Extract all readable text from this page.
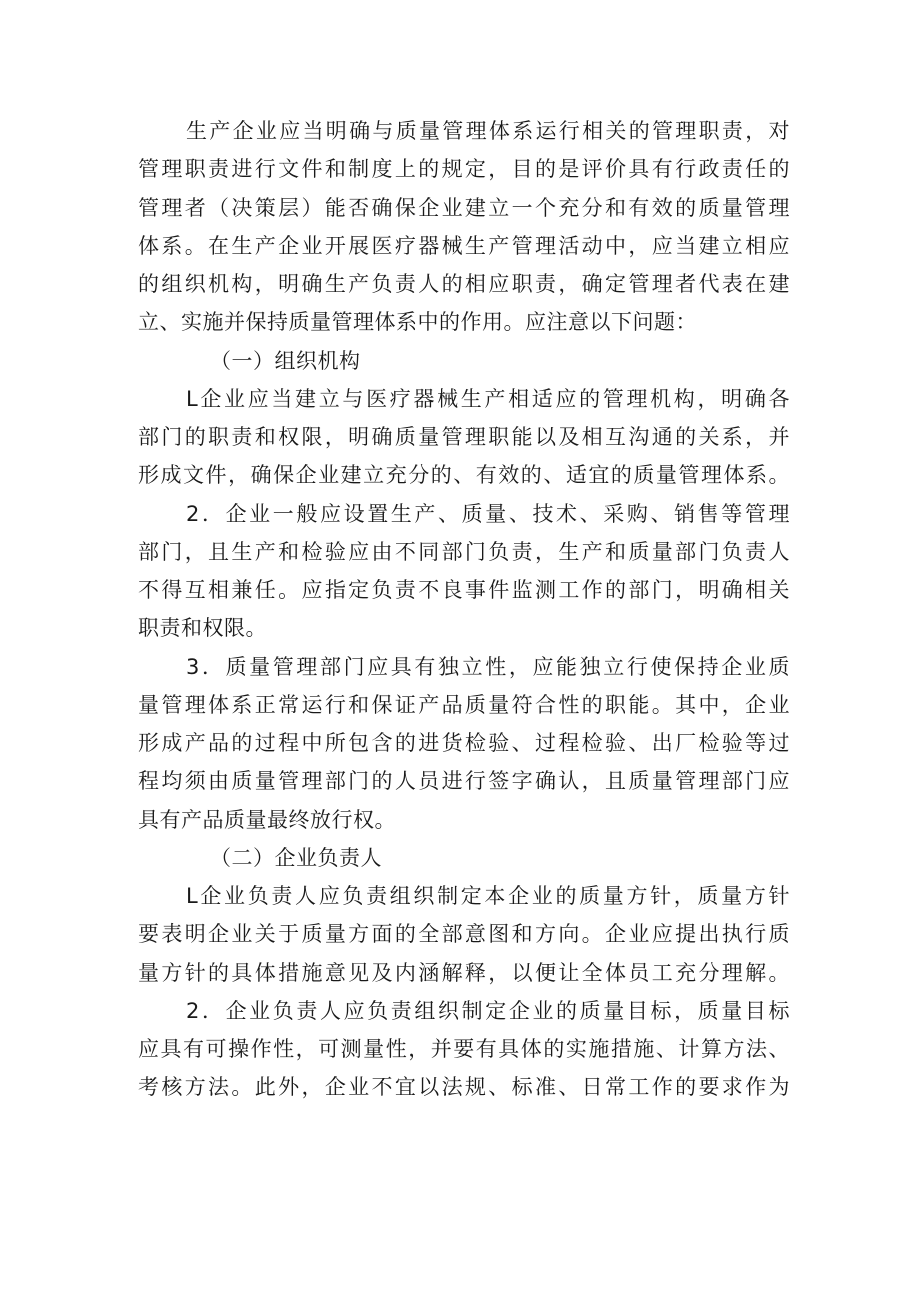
生产企业应当明确与质量管理体系运行相关的管理职责，对
管理职责进行文件和制度上的规定，目的是评价具有行政责任的
管理者（决策层）能否确保企业建立一个充分和有效的质量管理
体系。在生产企业开展医疗器械生产管理活动中，应当建立相应
的组织机构，明确生产负责人的相应职责，确定管理者代表在建
立、实施并保持质量管理体系中的作用。应注意以下问题：
（一）组织机构
L企业应当建立与医疗器械生产相适应的管理机构，明确各
部门的职责和权限，明确质量管理职能以及相互沟通的关系，并
形成文件，确保企业建立充分的、有效的、适宜的质量管理体系。
2．企业一般应设置生产、质量、技术、采购、销售等管理
部门，且生产和检验应由不同部门负责，生产和质量部门负责人
不得互相兼任。应指定负责不良事件监测工作的部门，明确相关
职责和权限。
3．质量管理部门应具有独立性，应能独立行使保持企业质
量管理体系正常运行和保证产品质量符合性的职能。其中，企业
形成产品的过程中所包含的进货检验、过程检验、出厂检验等过
程均须由质量管理部门的人员进行签字确认，且质量管理部门应
具有产品质量最终放行权。
（二）企业负责人
L企业负责人应负责组织制定本企业的质量方针，质量方针
要表明企业关于质量方面的全部意图和方向。企业应提出执行质
量方针的具体措施意见及内涵解释，以便让全体员工充分理解。
2．企业负责人应负责组织制定企业的质量目标，质量目标
应具有可操作性，可测量性，并要有具体的实施措施、计算方法、
考核方法。此外，企业不宜以法规、标准、日常工作的要求作为
